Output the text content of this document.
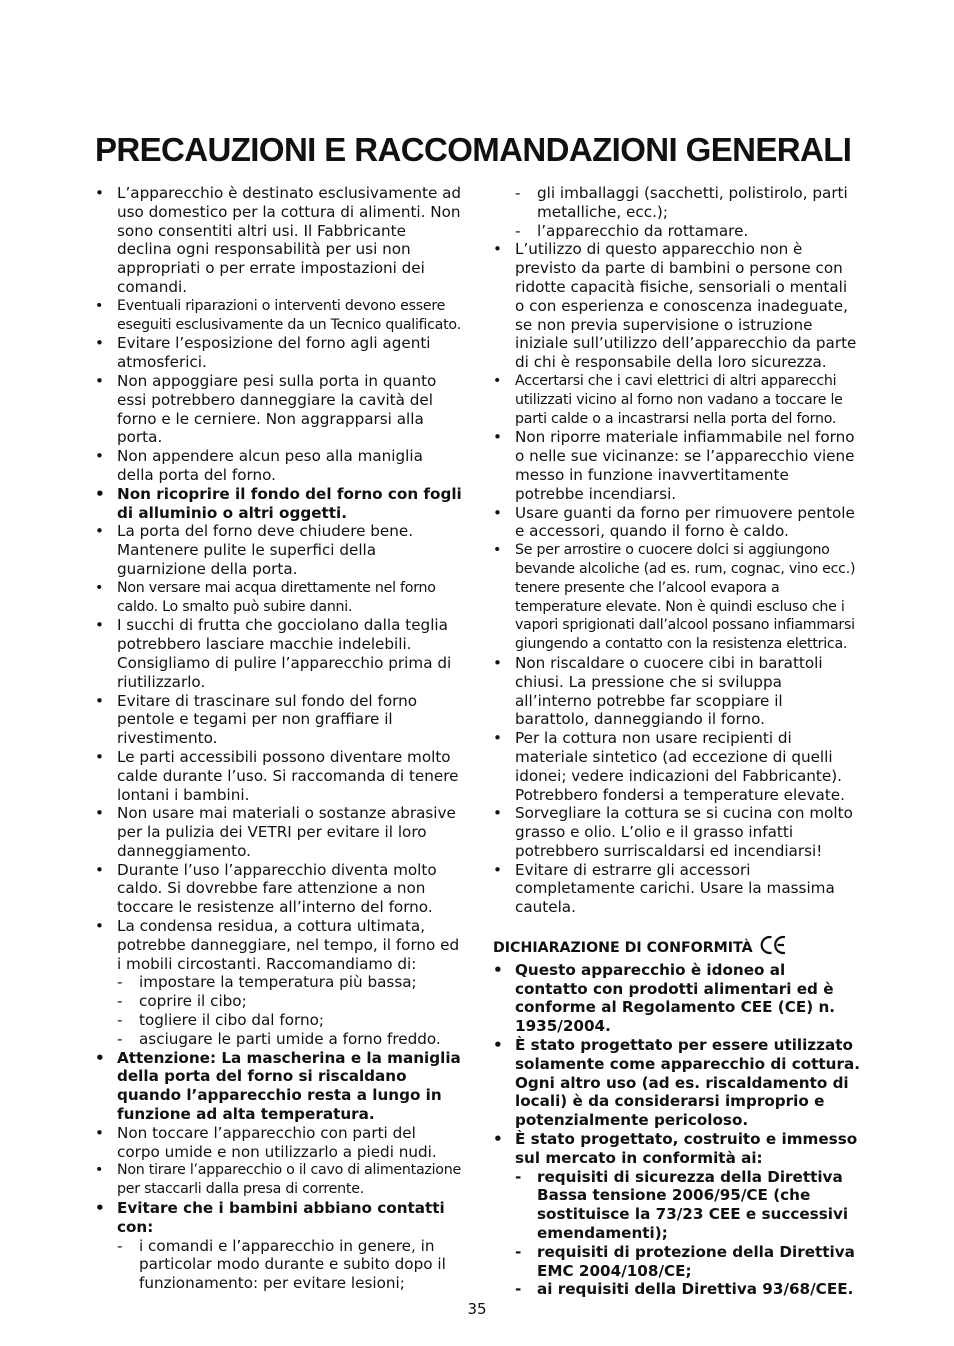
PRECAUZIONI E RACCOMANDAZIONI GENERALI
• L’apparecchio è destinato esclusivamente ad uso domestico per la cottura di alimenti. Non sono consentiti altri usi. Il Fabbricante declina ogni responsabilità per usi non appropriati o per errate impostazioni dei comandi.
• Eventuali riparazioni o interventi devono essere eseguiti esclusivamente da un Tecnico qualificato.
• Evitare l’esposizione del forno agli agenti atmosferici.
• Non appoggiare pesi sulla porta in quanto essi potrebbero danneggiare la cavità del forno e le cerniere. Non aggrapparsi alla porta.
• Non appendere alcun peso alla maniglia della porta del forno.
• Non ricoprire il fondo del forno con fogli di alluminio o altri oggetti.
• La porta del forno deve chiudere bene. Mantenere pulite le superfici della guarnizione della porta.
• Non versare mai acqua direttamente nel forno caldo. Lo smalto può subire danni.
• I succhi di frutta che gocciolano dalla teglia potrebbero lasciare macchie indelebili. Consigliamo di pulire l’apparecchio prima di riutilizzarlo.
• Evitare di trascinare sul fondo del forno pentole e tegami per non graffiare il rivestimento.
• Le parti accessibili possono diventare molto calde durante l’uso. Si raccomanda di tenere lontani i bambini.
• Non usare mai materiali o sostanze abrasive per la pulizia dei VETRI per evitare il loro danneggiamento.
• Durante l’uso l’apparecchio diventa molto caldo. Si dovrebbe fare attenzione a non toccare le resistenze all’interno del forno.
• La condensa residua, a cottura ultimata, potrebbe danneggiare, nel tempo, il forno ed i mobili circostanti. Raccomandiamo di:
-	impostare la temperatura più bassa;
-	coprire il cibo;
-	togliere il cibo dal forno;
-	asciugare le parti umide a forno freddo.
• Attenzione: La mascherina e la maniglia della porta del forno si riscaldano quando l’apparecchio resta a lungo in funzione ad alta temperatura.
• Non toccare l’apparecchio con parti del corpo umide e non utilizzarlo a piedi nudi.
• Non tirare l’apparecchio o il cavo di alimentazione per staccarli dalla presa di corrente.
• Evitare che i bambini abbiano contatti con:
-	i comandi e l’apparecchio in genere, in particolar modo durante e subito dopo il funzionamento: per evitare lesioni;
-	gli imballaggi (sacchetti, polistirolo, parti metalliche, ecc.);
-	l’apparecchio da rottamare.
• L’utilizzo di questo apparecchio non è previsto da parte di bambini o persone con ridotte capacità fisiche, sensoriali o mentali o con esperienza e conoscenza inadeguate, se non previa supervisione o istruzione iniziale sull’utilizzo dell’apparecchio da parte di chi è responsabile della loro sicurezza.
• Accertarsi che i cavi elettrici di altri apparecchi utilizzati vicino al forno non vadano a toccare le parti calde o a incastrarsi nella porta del forno.
• Non riporre materiale infiammabile nel forno o nelle sue vicinanze: se l’apparecchio viene messo in funzione inavvertitamente potrebbe incendiarsi.
• Usare guanti da forno per rimuovere pentole e accessori, quando il forno è caldo.
• Se per arrostire o cuocere dolci si aggiungono bevande alcoliche (ad es. rum, cognac, vino ecc.) tenere presente che l’alcool evapora a temperature elevate. Non è quindi escluso che i vapori sprigionati dall’alcool possano infiammarsi giungendo a contatto con la resistenza elettrica.
• Non riscaldare o cuocere cibi in barattoli chiusi. La pressione che si sviluppa all’interno potrebbe far scoppiare il barattolo, danneggiando il forno.
• Per la cottura non usare recipienti di materiale sintetico (ad eccezione di quelli idonei; vedere indicazioni del Fabbricante). Potrebbero fondersi a temperature elevate.
• Sorvegliare la cottura se si cucina con molto grasso e olio. L’olio e il grasso infatti potrebbero surriscaldarsi ed incendiarsi!
• Evitare di estrarre gli accessori completamente carichi. Usare la massima cautela.
DICHIARAZIONE DI CONFORMITÀ
• Questo apparecchio è idoneo al contatto con prodotti alimentari ed è conforme al Regolamento CEE (CE) n. 1935/2004.
• È stato progettato per essere utilizzato solamente come apparecchio di cottura. Ogni altro uso (ad es. riscaldamento di locali) è da considerarsi improprio e potenzialmente pericoloso.
• È stato progettato, costruito e immesso sul mercato in conformità ai:
-	requisiti di sicurezza della Direttiva Bassa tensione 2006/95/CE (che sostituisce la 73/23 CEE e successivi emendamenti);
-	requisiti di protezione della Direttiva EMC 2004/108/CE;
-	ai requisiti della Direttiva 93/68/CEE.
35
